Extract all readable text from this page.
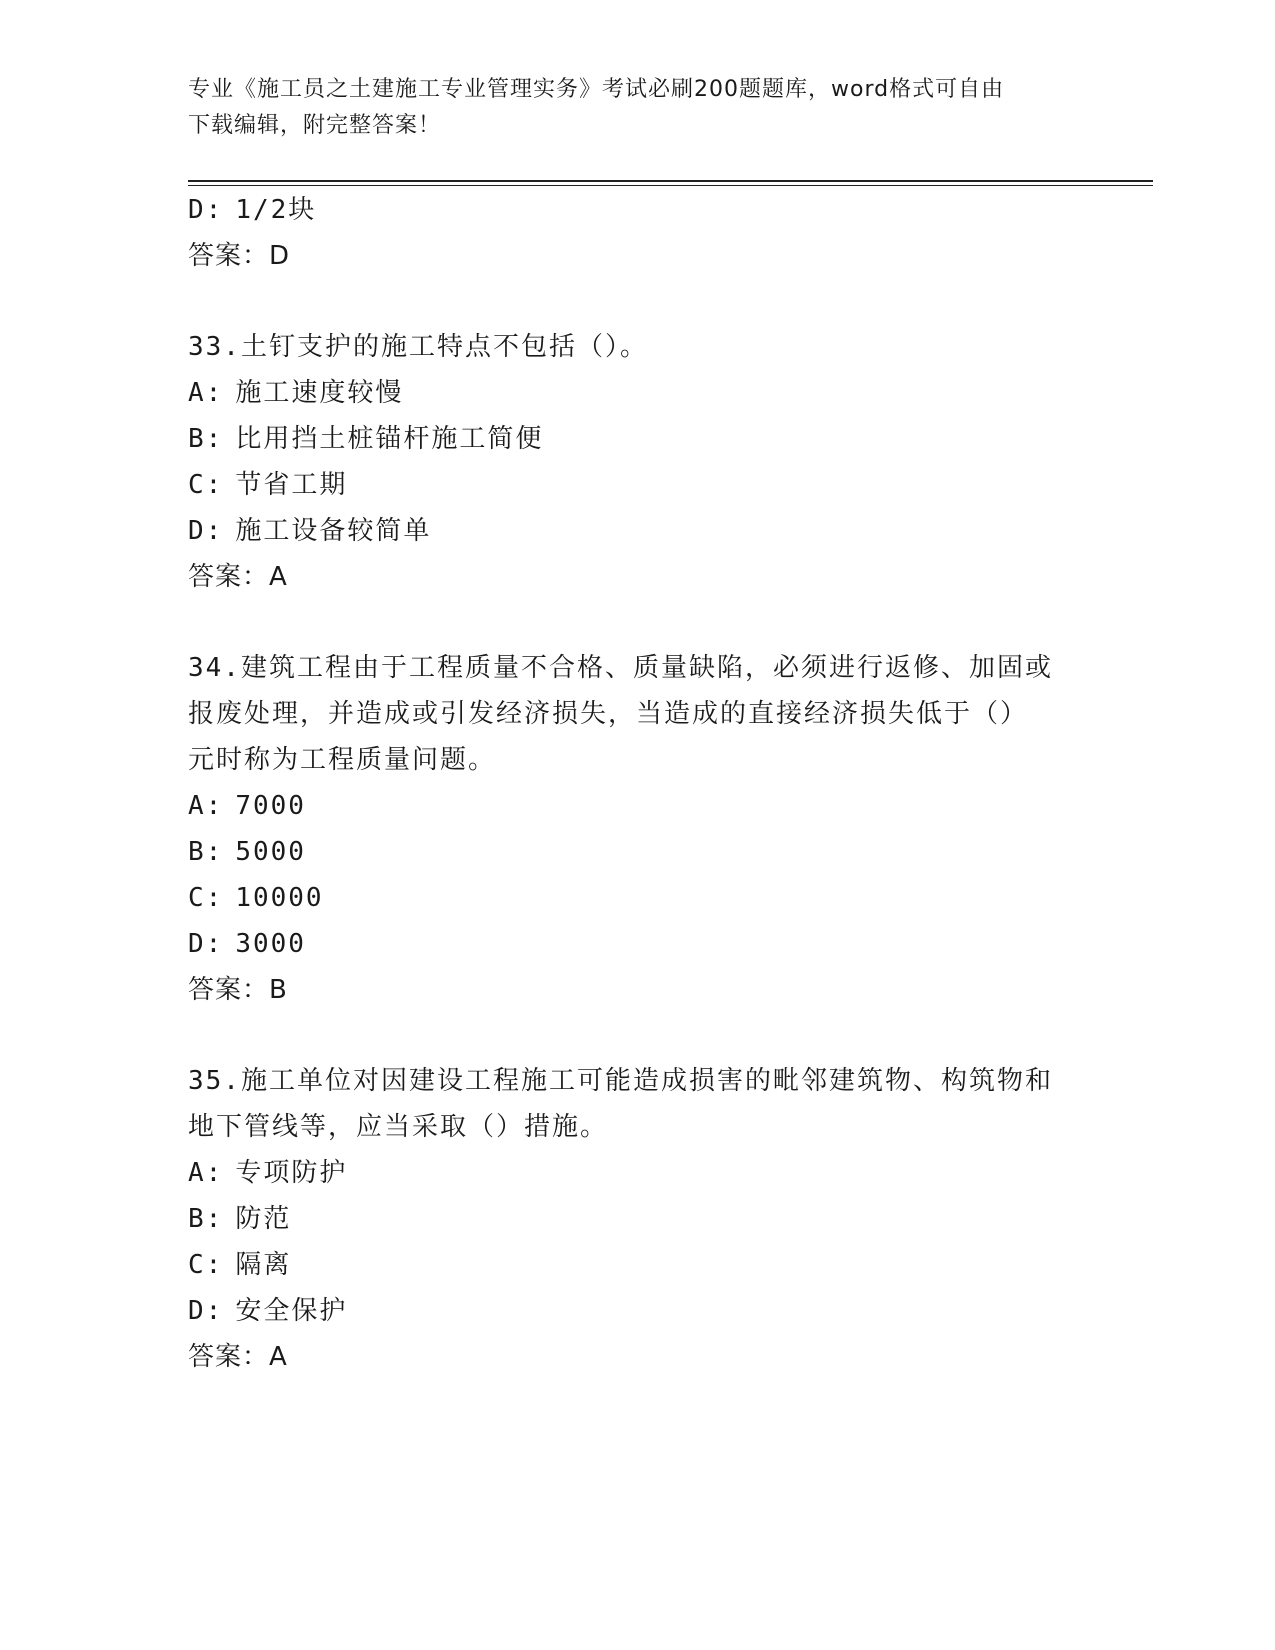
专业《施工员之土建施工专业管理实务》考试必刷200题题库，word格式可自由
下载编辑，附完整答案！
D: 1/2块
答案：D
33.土钉支护的施工特点不包括（）。
A: 施工速度较慢
B: 比用挡土桩锚杆施工简便
C: 节省工期
D: 施工设备较简单
答案：A
34.建筑工程由于工程质量不合格、质量缺陷，必须进行返修、加固或
报废处理，并造成或引发经济损失，当造成的直接经济损失低于（）
元时称为工程质量问题。
A: 7000
B: 5000
C: 10000
D: 3000
答案：B
35.施工单位对因建设工程施工可能造成损害的毗邻建筑物、构筑物和
地下管线等，应当采取（）措施。
A: 专项防护
B: 防范
C: 隔离
D: 安全保护
答案：A
